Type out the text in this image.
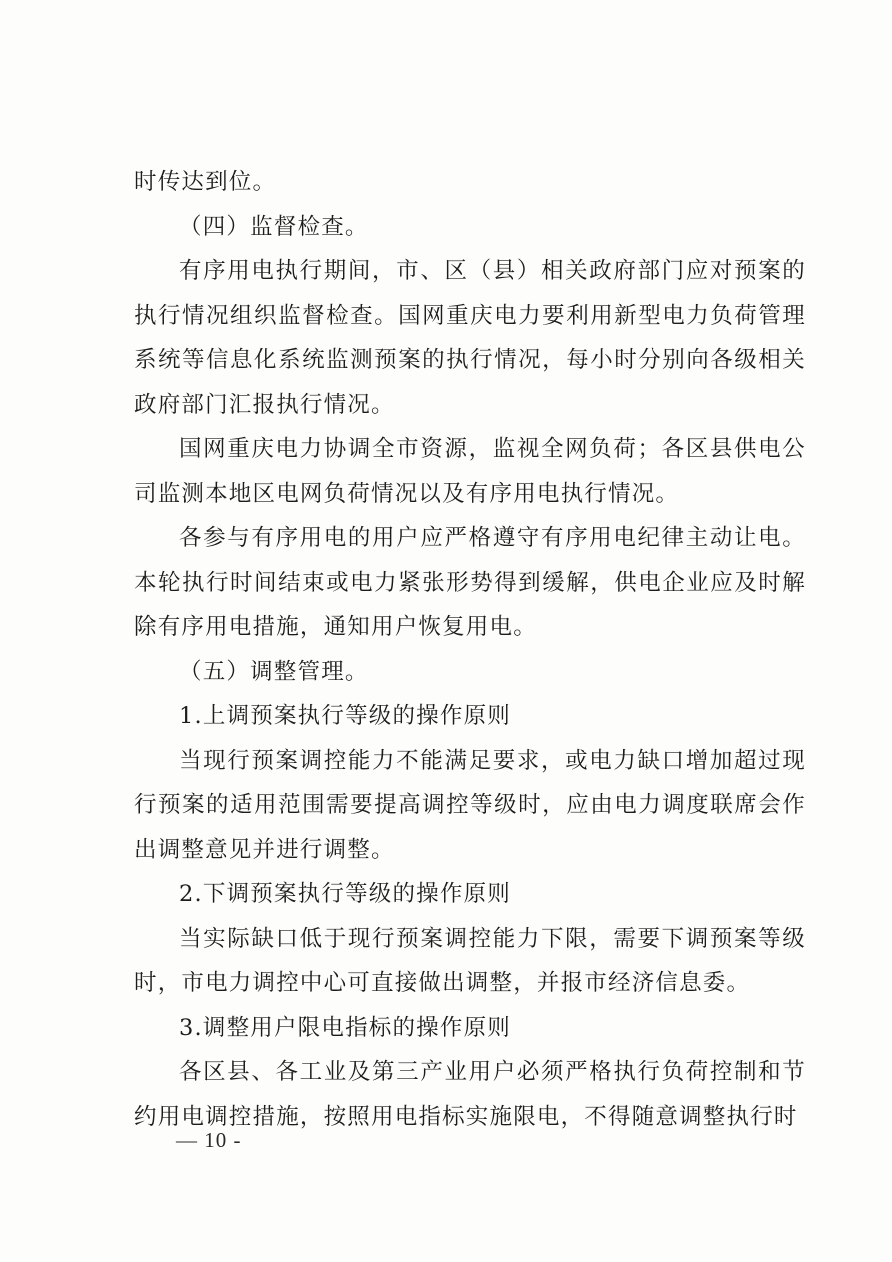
时传达到位。

（四）监督检查。

有序用电执行期间，市、区（县）相关政府部门应对预案的执行情况组织监督检查。国网重庆电力要利用新型电力负荷管理系统等信息化系统监测预案的执行情况，每小时分别向各级相关政府部门汇报执行情况。

国网重庆电力协调全市资源，监视全网负荷；各区县供电公司监测本地区电网负荷情况以及有序用电执行情况。

各参与有序用电的用户应严格遵守有序用电纪律主动让电。本轮执行时间结束或电力紧张形势得到缓解，供电企业应及时解除有序用电措施，通知用户恢复用电。

（五）调整管理。

1.上调预案执行等级的操作原则

当现行预案调控能力不能满足要求，或电力缺口增加超过现行预案的适用范围需要提高调控等级时，应由电力调度联席会作出调整意见并进行调整。

2.下调预案执行等级的操作原则

当实际缺口低于现行预案调控能力下限，需要下调预案等级时，市电力调控中心可直接做出调整，并报市经济信息委。

3.调整用户限电指标的操作原则

各区县、各工业及第三产业用户必须严格执行负荷控制和节约用电调控措施，按照用电指标实施限电，不得随意调整执行时

— 10 -
